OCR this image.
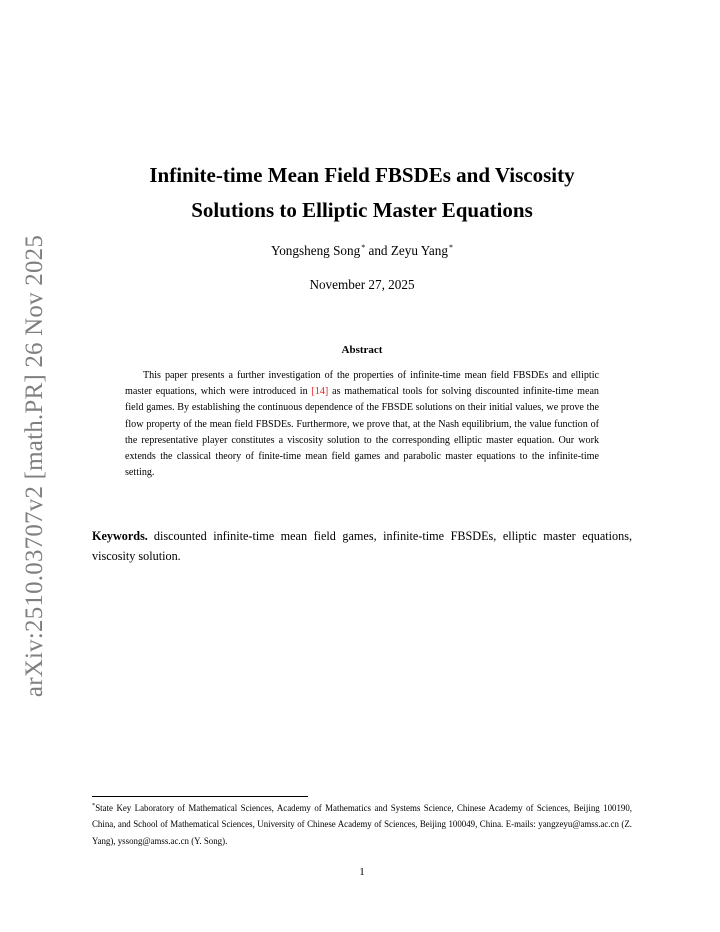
arXiv:2510.03707v2 [math.PR] 26 Nov 2025
Infinite-time Mean Field FBSDEs and Viscosity
Solutions to Elliptic Master Equations
Yongsheng Song* and Zeyu Yang*
November 27, 2025
Abstract
This paper presents a further investigation of the properties of infinite-time mean field FBSDEs and elliptic master equations, which were introduced in [14] as mathematical tools for solving discounted infinite-time mean field games. By establishing the continuous dependence of the FBSDE solutions on their initial values, we prove the flow property of the mean field FBSDEs. Furthermore, we prove that, at the Nash equilibrium, the value function of the representative player constitutes a viscosity solution to the corresponding elliptic master equation. Our work extends the classical theory of finite-time mean field games and parabolic master equations to the infinite-time setting.
Keywords. discounted infinite-time mean field games, infinite-time FBSDEs, elliptic master equations, viscosity solution.
*State Key Laboratory of Mathematical Sciences, Academy of Mathematics and Systems Science, Chinese Academy of Sciences, Beijing 100190, China, and School of Mathematical Sciences, University of Chinese Academy of Sciences, Beijing 100049, China. E-mails: yangzeyu@amss.ac.cn (Z. Yang), yssong@amss.ac.cn (Y. Song).
1
